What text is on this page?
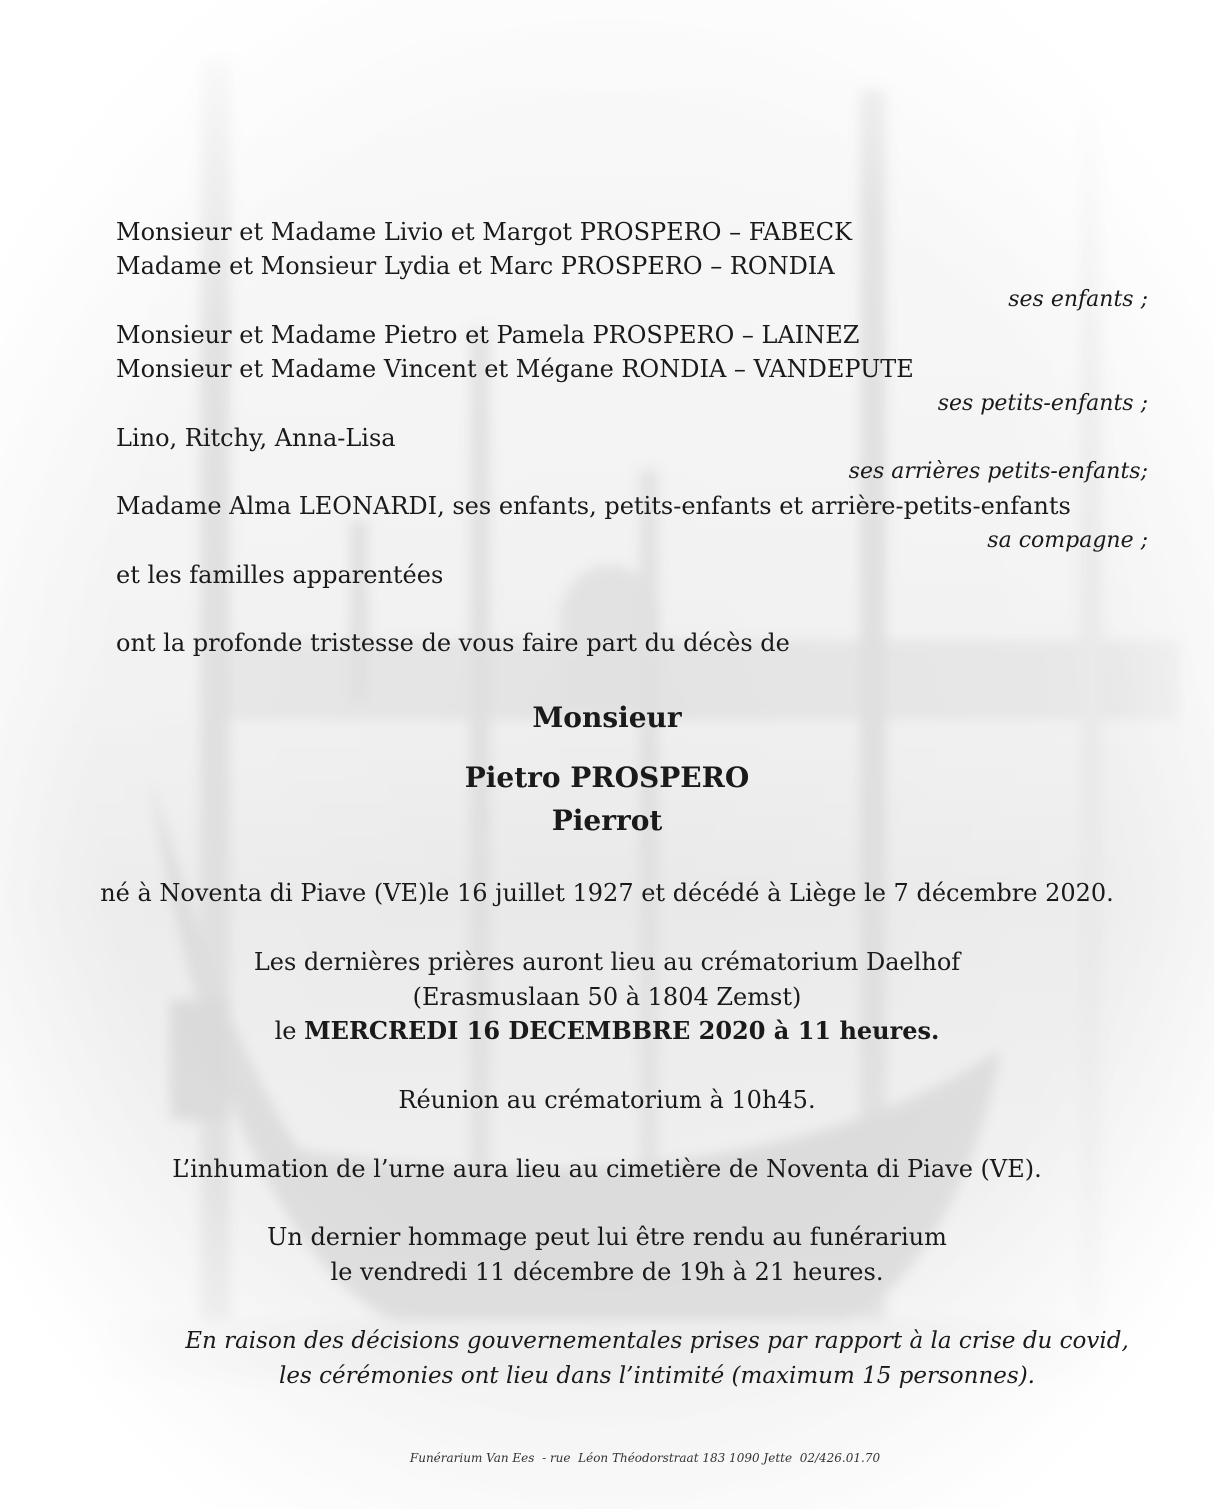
Monsieur et Madame Livio et Margot PROSPERO – FABECK
Madame et Monsieur Lydia et Marc PROSPERO – RONDIA
ses enfants ;
Monsieur et Madame Pietro et Pamela PROSPERO – LAINEZ
Monsieur et Madame Vincent et Mégane RONDIA – VANDEPUTE
ses petits-enfants ;
Lino, Ritchy, Anna-Lisa
ses arrières petits-enfants;
Madame Alma LEONARDI, ses enfants, petits-enfants et arrière-petits-enfants
sa compagne ;
et les familles apparentées
ont la profonde tristesse de vous faire part du décès de
Monsieur
Pietro PROSPERO
Pierrot
né à Noventa di Piave (VE)le 16 juillet 1927 et décédé à Liège le 7 décembre 2020.
Les dernières prières auront lieu au crématorium Daelhof
(Erasmuslaan 50 à 1804 Zemst)
le MERCREDI 16 DECEMBBRE 2020 à 11 heures.
Réunion au crématorium à 10h45.
L’inhumation de l’urne aura lieu au cimetière de Noventa di Piave (VE).
Un dernier hommage peut lui être rendu au funérarium
le vendredi 11 décembre de 19h à 21 heures.
En raison des décisions gouvernementales prises par rapport à la crise du covid,
les cérémonies ont lieu dans l’intimité (maximum 15 personnes).
Funérarium Van Ees  - rue  Léon Théodorstraat 183 1090 Jette  02/426.01.70
